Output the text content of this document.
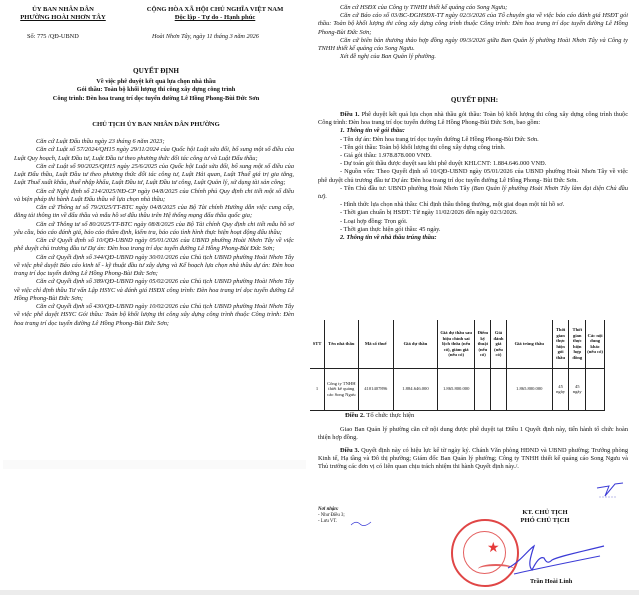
ỦY BAN NHÂN DÂN
PHƯỜNG HOÀI NHƠN TÂY
CỘNG HÒA XÃ HỘI CHỦ NGHĨA VIỆT NAM
Độc lập - Tự do - Hạnh phúc
Số: 775 /QĐ-UBND	Hoài Nhơn Tây, ngày 11 tháng 3 năm 2026
QUYẾT ĐỊNH
Về việc phê duyệt kết quả lựa chọn nhà thầu
Gói thầu: Toàn bộ khối lượng thi công xây dựng công trình
Công trình: Đèn hoa trang trí dọc tuyến đường Lê Hồng Phong-Bùi Đức Sơn
CHỦ TỊCH ỦY BAN NHÂN DÂN PHƯỜNG

Căn cứ Luật Đấu thầu ngày 23 tháng 6 năm 2023;

Căn cứ Luật số 57/2024/QH15 ngày 29/11/2024 của Quốc hội Luật sửa đổi, bổ sung một số điều của Luật Quy hoạch, Luật Đầu tư, Luật Đầu tư theo phương thức đối tác công tư và Luật Đấu thầu;

Căn cứ Luật số 90/2025/QH15 ngày 25/6/2025 của Quốc hội Luật sửa đổi, bổ sung một số điều của Luật Đấu thầu, Luật Đầu tư theo phương thức đối tác công tư, Luật Hải quan, Luật Thuế giá trị gia tăng, Luật Thuế xuất khẩu, thuế nhập khẩu, Luật Đầu tư, Luật Đầu tư công, Luật Quản lý, sử dụng tài sản công;

Căn cứ Nghị định số 214/2025/NĐ-CP ngày 04/8/2025 của Chính phủ Quy định chi tiết một số điều và biện pháp thi hành Luật Đấu thầu về lựa chọn nhà thầu;

Căn cứ Thông tư số 79/2025/TT-BTC ngày 04/8/2025 của Bộ Tài chính Hướng dẫn việc cung cấp, đăng tải thông tin về đấu thầu và mẫu hồ sơ đấu thầu trên Hệ thống mạng đấu thầu quốc gia;

Căn cứ Thông tư số 80/2025/TT-BTC ngày 08/8/2025 của Bộ Tài chính Quy định chi tiết mẫu hồ sơ yêu cầu, báo cáo đánh giá, báo cáo thẩm định, kiểm tra, báo cáo tình hình thực hiện hoạt động đấu thầu;

Căn cứ Quyết định số 10/QĐ-UBND ngày 05/01/2026 của UBND phường Hoài Nhơn Tây về việc phê duyệt chủ trương đầu tư Dự án: Đèn hoa trang trí dọc tuyến đường Lê Hồng Phong-Bùi Đức Sơn;

Căn cứ Quyết định số 344/QĐ-UBND ngày 30/01/2026 của Chủ tịch UBND phường Hoài Nhơn Tây về việc phê duyệt Báo cáo kinh tế - kỹ thuật đầu tư xây dựng và Kế hoạch lựa chọn nhà thầu dự án: Đèn hoa trang trí dọc tuyến đường Lê Hồng Phong-Bùi Đức Sơn;

Căn cứ Quyết định số 389/QĐ-UBND ngày 05/02/2026 của Chủ tịch UBND phường Hoài Nhơn Tây về việc chỉ định thầu Tư vấn Lập HSYC và đánh giá HSĐX công trình: Đèn hoa trang trí dọc tuyến đường Lê Hồng Phong-Bùi Đức Sơn;

Căn cứ Quyết định số 430/QĐ-UBND ngày 10/02/2026 của Chủ tịch UBND phường Hoài Nhơn Tây về việc phê duyệt HSYC Gói thầu: Toàn bộ khối lượng thi công xây dựng công trình thuộc Công trình: Đèn hoa trang trí dọc tuyến đường Lê Hồng Phong-Bùi Đức Sơn;

Căn cứ HSĐX của Công ty TNHH thiết kế quảng cáo Song Ngưu;

Căn cứ Báo cáo số 03/BC-ĐGHSĐX-TT ngày 02/3/2026 của Tổ chuyên gia về việc báo cáo đánh giá HSĐT gói thầu: Toàn bộ khối lượng thi công xây dựng công trình thuộc Công trình: Đèn hoa trang trí dọc tuyến đường Lê Hồng Phong-Bùi Đức Sơn;

Căn cứ biên bản thương thảo hợp đồng ngày 09/3/2026 giữa Ban Quản lý phường Hoài Nhơn Tây và Công ty TNHH thiết kế quảng cáo Song Ngưu.

Xét đề nghị của Ban Quản lý phường.

QUYẾT ĐỊNH:

Điều 1. Phê duyệt kết quả lựa chọn nhà thầu gói thầu: Toàn bộ khối lượng thi công xây dựng công trình thuộc Công trình: Đèn hoa trang trí dọc tuyến đường Lê Hồng Phong-Bùi Đức Sơn, bao gồm:

1. Thông tin về gói thầu:

- Tên dự án: Đèn hoa trang trí dọc tuyến đường Lê Hồng Phong-Bùi Đức Sơn.

- Tên gói thầu: Toàn bộ khối lượng thi công xây dựng công trình.

- Giá gói thầu: 1.978.878.000 VNĐ.

- Dự toán gói thầu được duyệt sau khi phê duyệt KHLCNT: 1.884.646.000 VNĐ.

- Nguồn vốn: Theo Quyết định số 10/QĐ-UBND ngày 05/01/2026 của UBND phường Hoài Nhơn Tây về việc phê duyệt chủ trương đầu tư Dự án: Đèn hoa trang trí dọc tuyến đường Lê Hồng Phong- Bùi Đức Sơn.

- Tên Chủ đầu tư: UBND phường Hoài Nhơn Tây (Ban Quản lý phường Hoài Nhơn Tây làm đại diện Chủ đầu tư).

- Hình thức lựa chọn nhà thầu: Chỉ định thầu thông thường, một giai đoạn một túi hồ sơ.

- Thời gian chuẩn bị HSĐT: Từ ngày 11/02/2026 đến ngày 02/3/2026.

- Loại hợp đồng: Trọn gói.

- Thời gian thực hiện gói thầu: 45 ngày.

2. Thông tin về nhà thầu trúng thầu:

STT	Tên nhà thầu	Mã số thuế	Giá dự thầu	Giá dự thầu sau hiệu chỉnh sai lệch thừa (nếu có), giảm giá (nếu có)	Điểm kỹ thuật (nếu có)	Giá đánh giá (nếu có)	Giá trúng thầu	Thời gian thực hiện gói thầu	Thời gian thực hiện hợp đồng	Các nội dung khác (nếu có)
1	Công ty TNHH thiết kế quảng cáo Song Ngưu	4101407896	1.884.646.000	1.865.800.000			1.865.800.000	45 ngày	45 ngày	
Điều 2. Tổ chức thực hiện

Giao Ban Quản lý phường căn cứ nội dung được phê duyệt tại Điều 1 Quyết định này, tiến hành tổ chức hoàn thiện hợp đồng.

Điều 3. Quyết định này có hiệu lực kể từ ngày ký. Chánh Văn phòng HĐND và UBND phường; Trưởng phòng Kinh tế, Hạ tầng và Đô thị phường; Giám đốc Ban Quản lý phường; Công ty TNHH thiết kế quảng cáo Song Ngưu và Thủ trưởng các đơn vị có liên quan chịu trách nhiệm thi hành Quyết định này./.

Nơi nhận:
- Như Điều 3;
- Lưu VT.
KT. CHỦ TỊCH
PHÓ CHỦ TỊCH
★
Trần Hoài Linh
